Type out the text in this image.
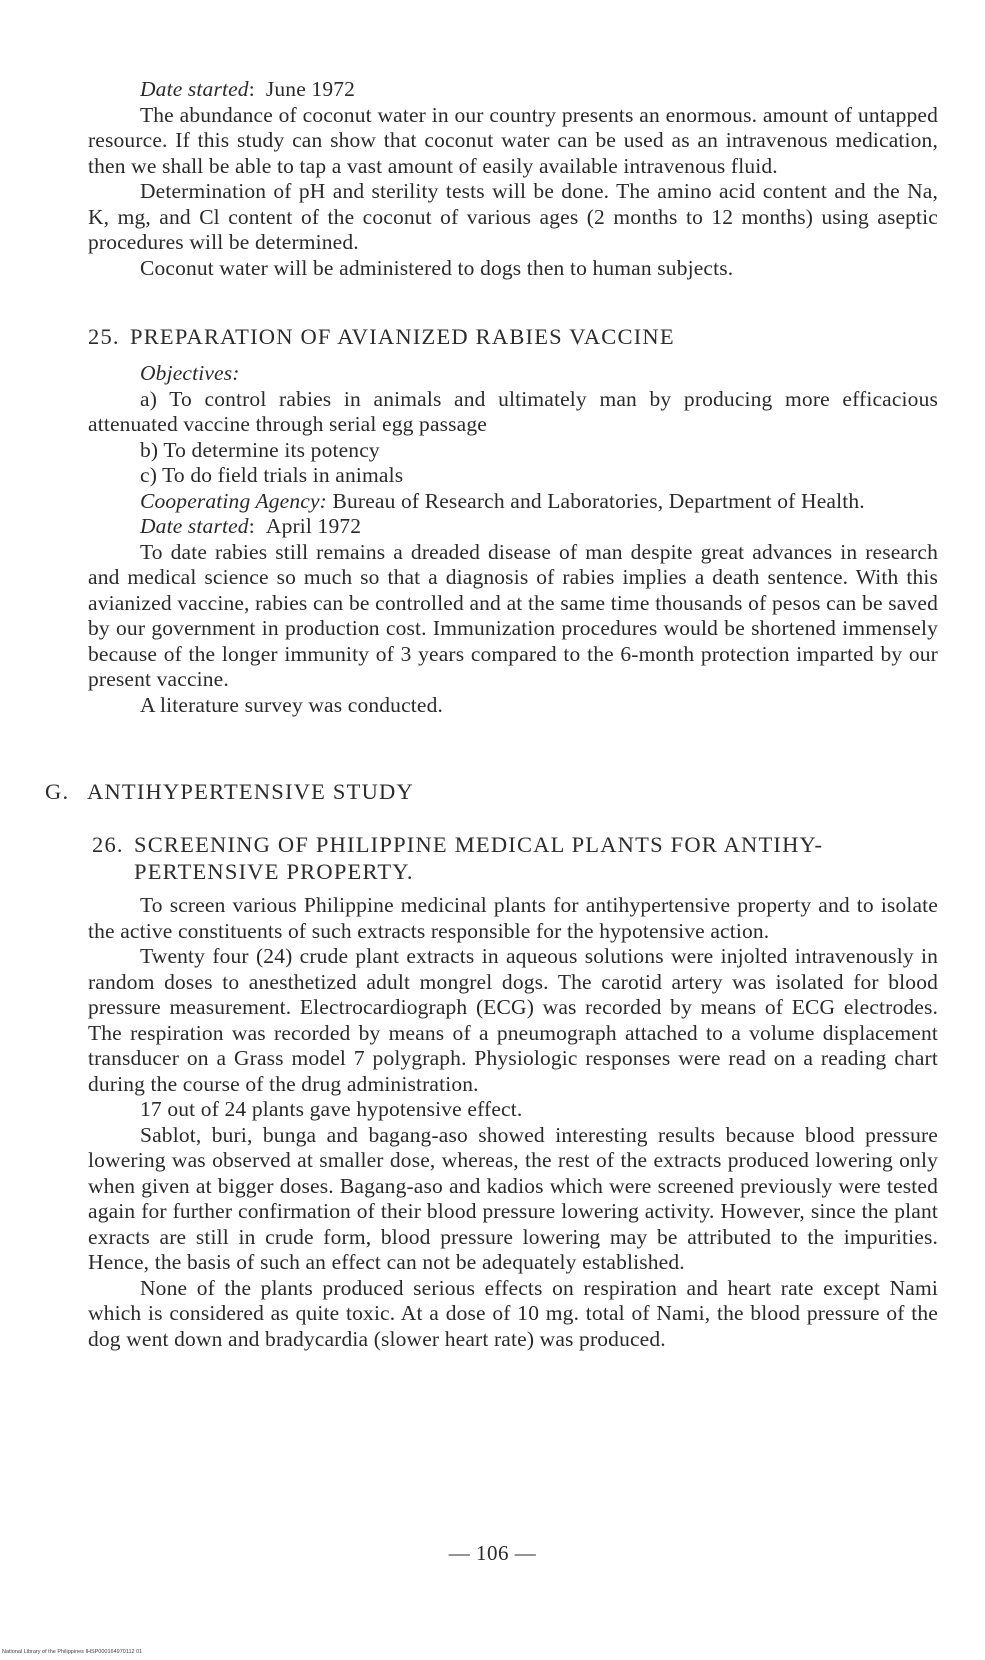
Date started: June 1972

The abundance of coconut water in our country presents an enormous. amount of untapped resource. If this study can show that coconut water can be used as an intravenous medication, then we shall be able to tap a vast amount of easily available intravenous fluid.

Determination of pH and sterility tests will be done. The amino acid content and the Na, K, mg, and Cl content of the coconut of various ages (2 months to 12 months) using aseptic procedures will be determined.

Coconut water will be administered to dogs then to human subjects.

25. PREPARATION OF AVIANIZED RABIES VACCINE

Objectives:

a) To control rabies in animals and ultimately man by producing more efficacious attenuated vaccine through serial egg passage

b) To determine its potency

c) To do field trials in animals

Cooperating Agency: Bureau of Research and Laboratories, Department of Health.

Date started: April 1972

To date rabies still remains a dreaded disease of man despite great advances in research and medical science so much so that a diagnosis of rabies implies a death sentence. With this avianized vaccine, rabies can be controlled and at the same time thousands of pesos can be saved by our government in production cost. Immunization procedures would be shortened immensely because of the longer immunity of 3 years compared to the 6-month protection imparted by our present vaccine.

A literature survey was conducted.

G. ANTIHYPERTENSIVE STUDY
26. SCREENING OF PHILIPPINE MEDICAL PLANTS FOR ANTIHY-
PERTENSIVE PROPERTY.

To screen various Philippine medicinal plants for antihypertensive property and to isolate the active constituents of such extracts responsible for the hypotensive action.

Twenty four (24) crude plant extracts in aqueous solutions were injolted intravenously in random doses to anesthetized adult mongrel dogs. The carotid artery was isolated for blood pressure measurement. Electrocardiograph (ECG) was recorded by means of ECG electrodes. The respiration was recorded by means of a pneumograph attached to a volume displacement transducer on a Grass model 7 polygraph. Physiologic responses were read on a reading chart during the course of the drug administration.

17 out of 24 plants gave hypotensive effect.

Sablot, buri, bunga and bagang-aso showed interesting results because blood pressure lowering was observed at smaller dose, whereas, the rest of the extracts produced lowering only when given at bigger doses. Bagang-aso and kadios which were screened previously were tested again for further confirmation of their blood pressure lowering activity. However, since the plant exracts are still in crude form, blood pressure lowering may be attributed to the impurities. Hence, the basis of such an effect can not be adequately established.

None of the plants produced serious effects on respiration and heart rate except Nami which is considered as quite toxic. At a dose of 10 mg. total of Nami, the blood pressure of the dog went down and bradycardia (slower heart rate) was produced.

— 106 —
National Library of the Philippines IHSP000164970112 01
